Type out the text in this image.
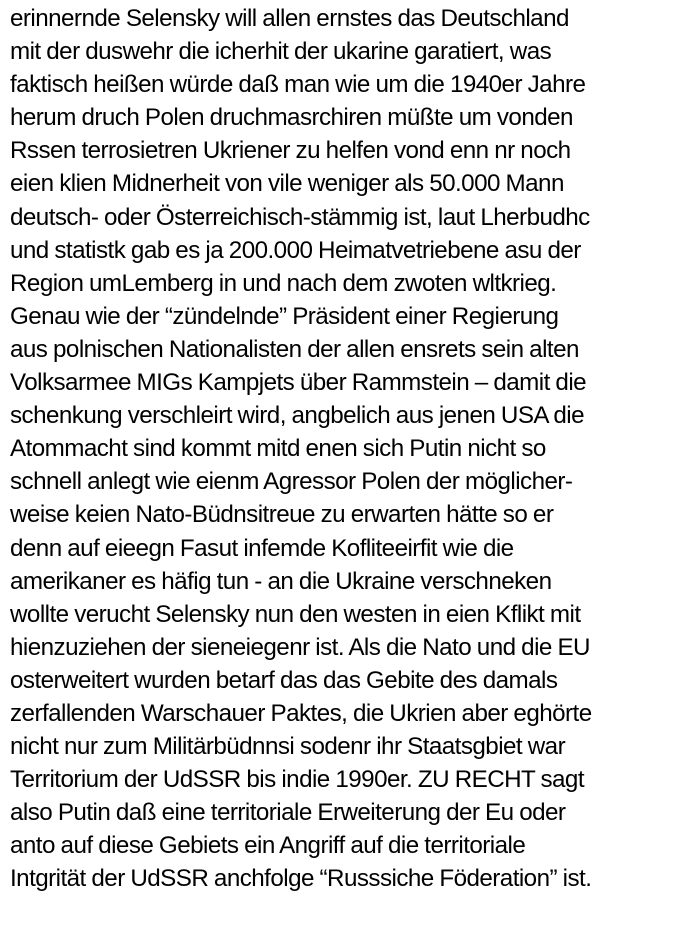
erinnernde Selensky will allen ernstes das Deutschland
mit der duswehr die icherhit der ukarine garatiert, was
faktisch heißen würde daß man wie um die 1940er Jahre
herum druch Polen druchmasrchiren müßte um vonden
Rssen terrosietren Ukriener zu helfen vond enn nr noch
eien klien Midnerheit von vile weniger als 50.000 Mann
deutsch- oder Österreichisch-stämmig ist, laut Lherbudhc
und statistk gab es ja 200.000 Heimatvetriebene asu der
Region umLemberg in und nach dem zwoten wltkrieg.
Genau wie der “zündelnde” Präsident einer Regierung
aus polnischen Nationalisten der allen ensrets sein alten
Volksarmee MIGs Kampjets über Rammstein – damit die
schenkung verschleirt wird, angbelich aus jenen USA die
Atommacht sind kommt mitd enen sich Putin nicht so
schnell anlegt wie eienm Agressor Polen der möglicher-
weise keien Nato-Büdnsitreue zu erwarten hätte so er
denn auf eieegn Fasut infemde Kofliteeirfit wie die
amerikaner es häfig tun - an die Ukraine verschneken
wollte verucht Selensky nun den westen in eien Kflikt mit
hienzuziehen der sieneiegenr ist. Als die Nato und die EU
osterweitert wurden betarf das das Gebite des damals
zerfallenden Warschauer Paktes, die Ukrien aber eghörte
nicht nur zum Militärbüdnnsi sodenr ihr Staatsgbiet war
Territorium der UdSSR bis indie 1990er. ZU RECHT sagt
also Putin daß eine territoriale Erweiterung der Eu oder
anto auf diese Gebiets ein Angriff auf die territoriale
Intgrität der UdSSR anchfolge “Russsiche Föderation” ist.
